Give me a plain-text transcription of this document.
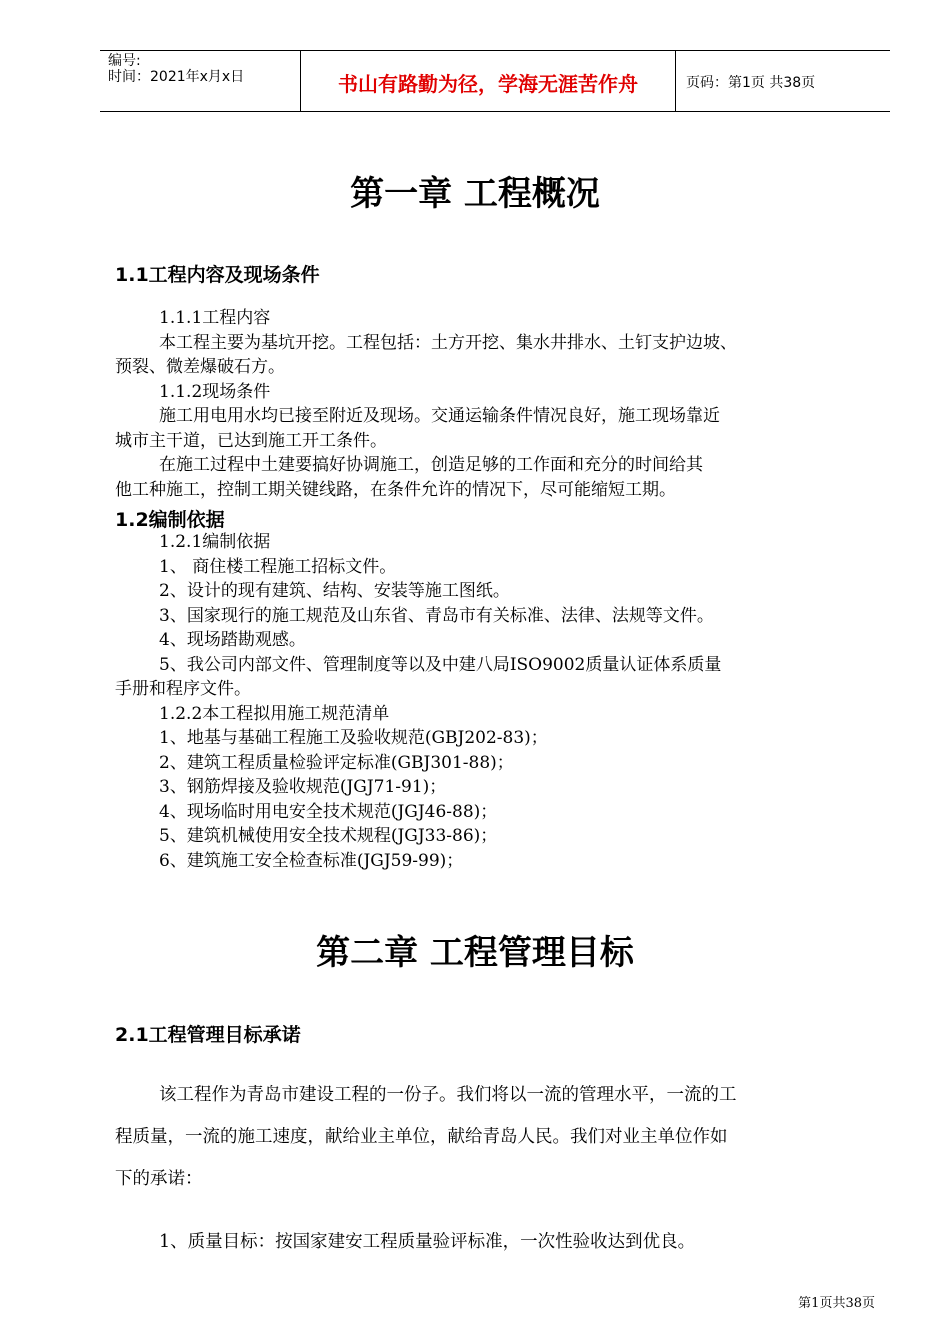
编号:
时间：2021年x月x日	书山有路勤为径，学海无涯苦作舟	页码：第1页 共38页
第一章 工程概况
1.1工程内容及现场条件

1.1.1工程内容

本工程主要为基坑开挖。工程包括：土方开挖、集水井排水、土钉支护边坡、

预裂、微差爆破石方。

1.1.2现场条件

施工用电用水均已接至附近及现场。交通运输条件情况良好，施工现场靠近

城市主干道，已达到施工开工条件。

在施工过程中土建要搞好协调施工，创造足够的工作面和充分的时间给其

他工种施工，控制工期关键线路，在条件允许的情况下，尽可能缩短工期。

1.2编制依据

1.2.1编制依据

1、 商住楼工程施工招标文件。

2、设计的现有建筑、结构、安装等施工图纸。

3、国家现行的施工规范及山东省、青岛市有关标准、法律、法规等文件。

4、现场踏勘观感。

5、我公司内部文件、管理制度等以及中建八局ISO9002质量认证体系质量

手册和程序文件。

1.2.2本工程拟用施工规范清单

1、地基与基础工程施工及验收规范(GBJ202-83)；

2、建筑工程质量检验评定标准(GBJ301-88)；

3、钢筋焊接及验收规范(JGJ71-91)；

4、现场临时用电安全技术规范(JGJ46-88)；

5、建筑机械使用安全技术规程(JGJ33-86)；

6、建筑施工安全检查标准(JGJ59-99)；

第二章 工程管理目标
2.1工程管理目标承诺

该工程作为青岛市建设工程的一份子。我们将以一流的管理水平，一流的工

程质量，一流的施工速度，献给业主单位，献给青岛人民。我们对业主单位作如

下的承诺：

1、质量目标：按国家建安工程质量验评标准，一次性验收达到优良。

第1页共38页
